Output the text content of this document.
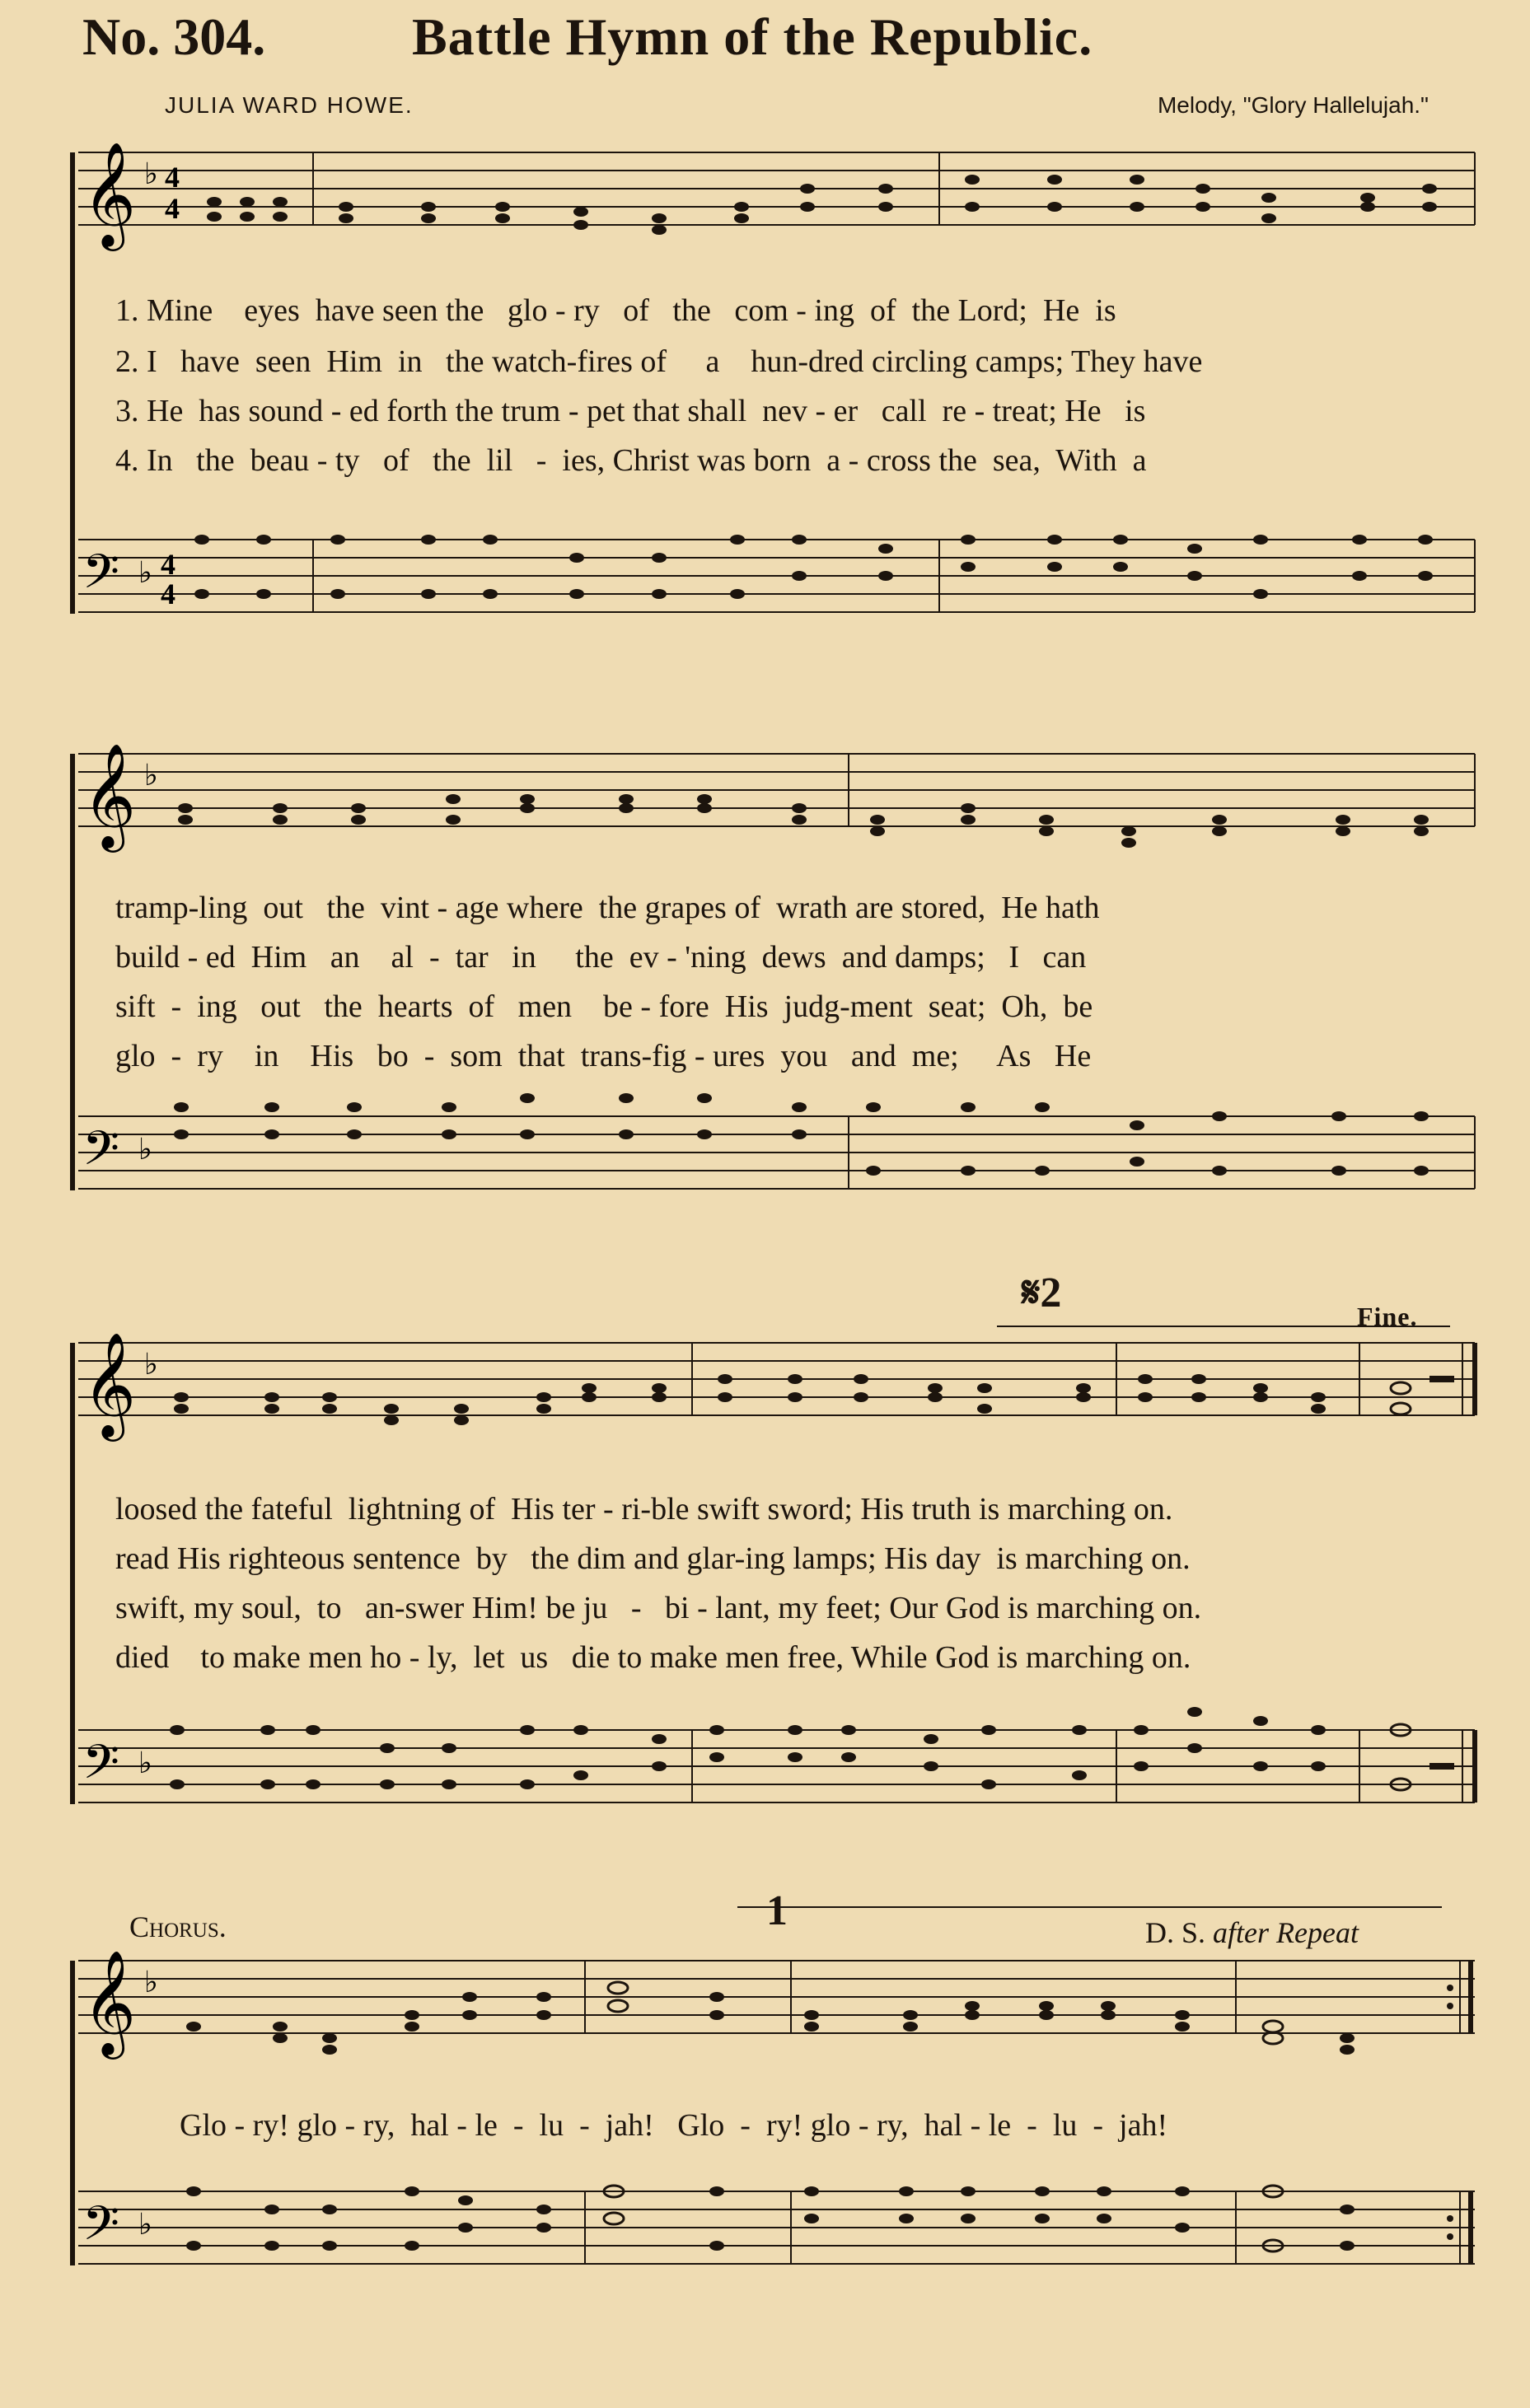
No. 304.	Battle Hymn of the Republic.
JULIA WARD HOWE.	Melody, "Glory Hallelujah."
𝄞 ♭ 4
4
1. Mine    eyes  have seen the   glo - ry   of   the   com - ing  of  the Lord;  He  is
2. I   have  seen  Him  in   the watch-fires of     a    hun-dred circling camps; They have
3. He  has sound - ed forth the trum - pet that shall  nev - er   call  re - treat; He   is
4. In   the  beau - ty   of   the  lil   -  ies, Christ was born  a - cross the  sea,  With  a
𝄢 ♭ 4
4
𝄞 ♭
tramp-ling  out   the  vint - age where  the grapes of  wrath are stored,  He hath
build - ed  Him   an    al  -  tar   in     the  ev - 'ning  dews  and damps;   I   can
sift  -  ing   out   the  hearts  of   men    be - fore  His  judg-ment  seat;  Oh,  be
glo  -  ry    in    His   bo  -  som  that  trans-fig - ures  you   and  me;     As   He
𝄢 ♭
𝄞 ♭
𝄋2	Fine.
loosed the fateful  lightning of  His ter - ri-ble swift sword; His truth is marching on.
read His righteous sentence  by   the dim and glar-ing lamps; His day  is marching on.
swift, my soul,  to   an-swer Him! be ju   -   bi - lant, my feet; Our God is marching on.
died    to make men ho - ly,  let  us   die to make men free, While God is marching on.
𝄢 ♭
Chorus.	1	D. S. after Repeat
𝄞 ♭
Glo - ry! glo - ry,  hal - le  -  lu  -  jah!   Glo  -  ry! glo - ry,  hal - le  -  lu  -  jah!
𝄢 ♭
